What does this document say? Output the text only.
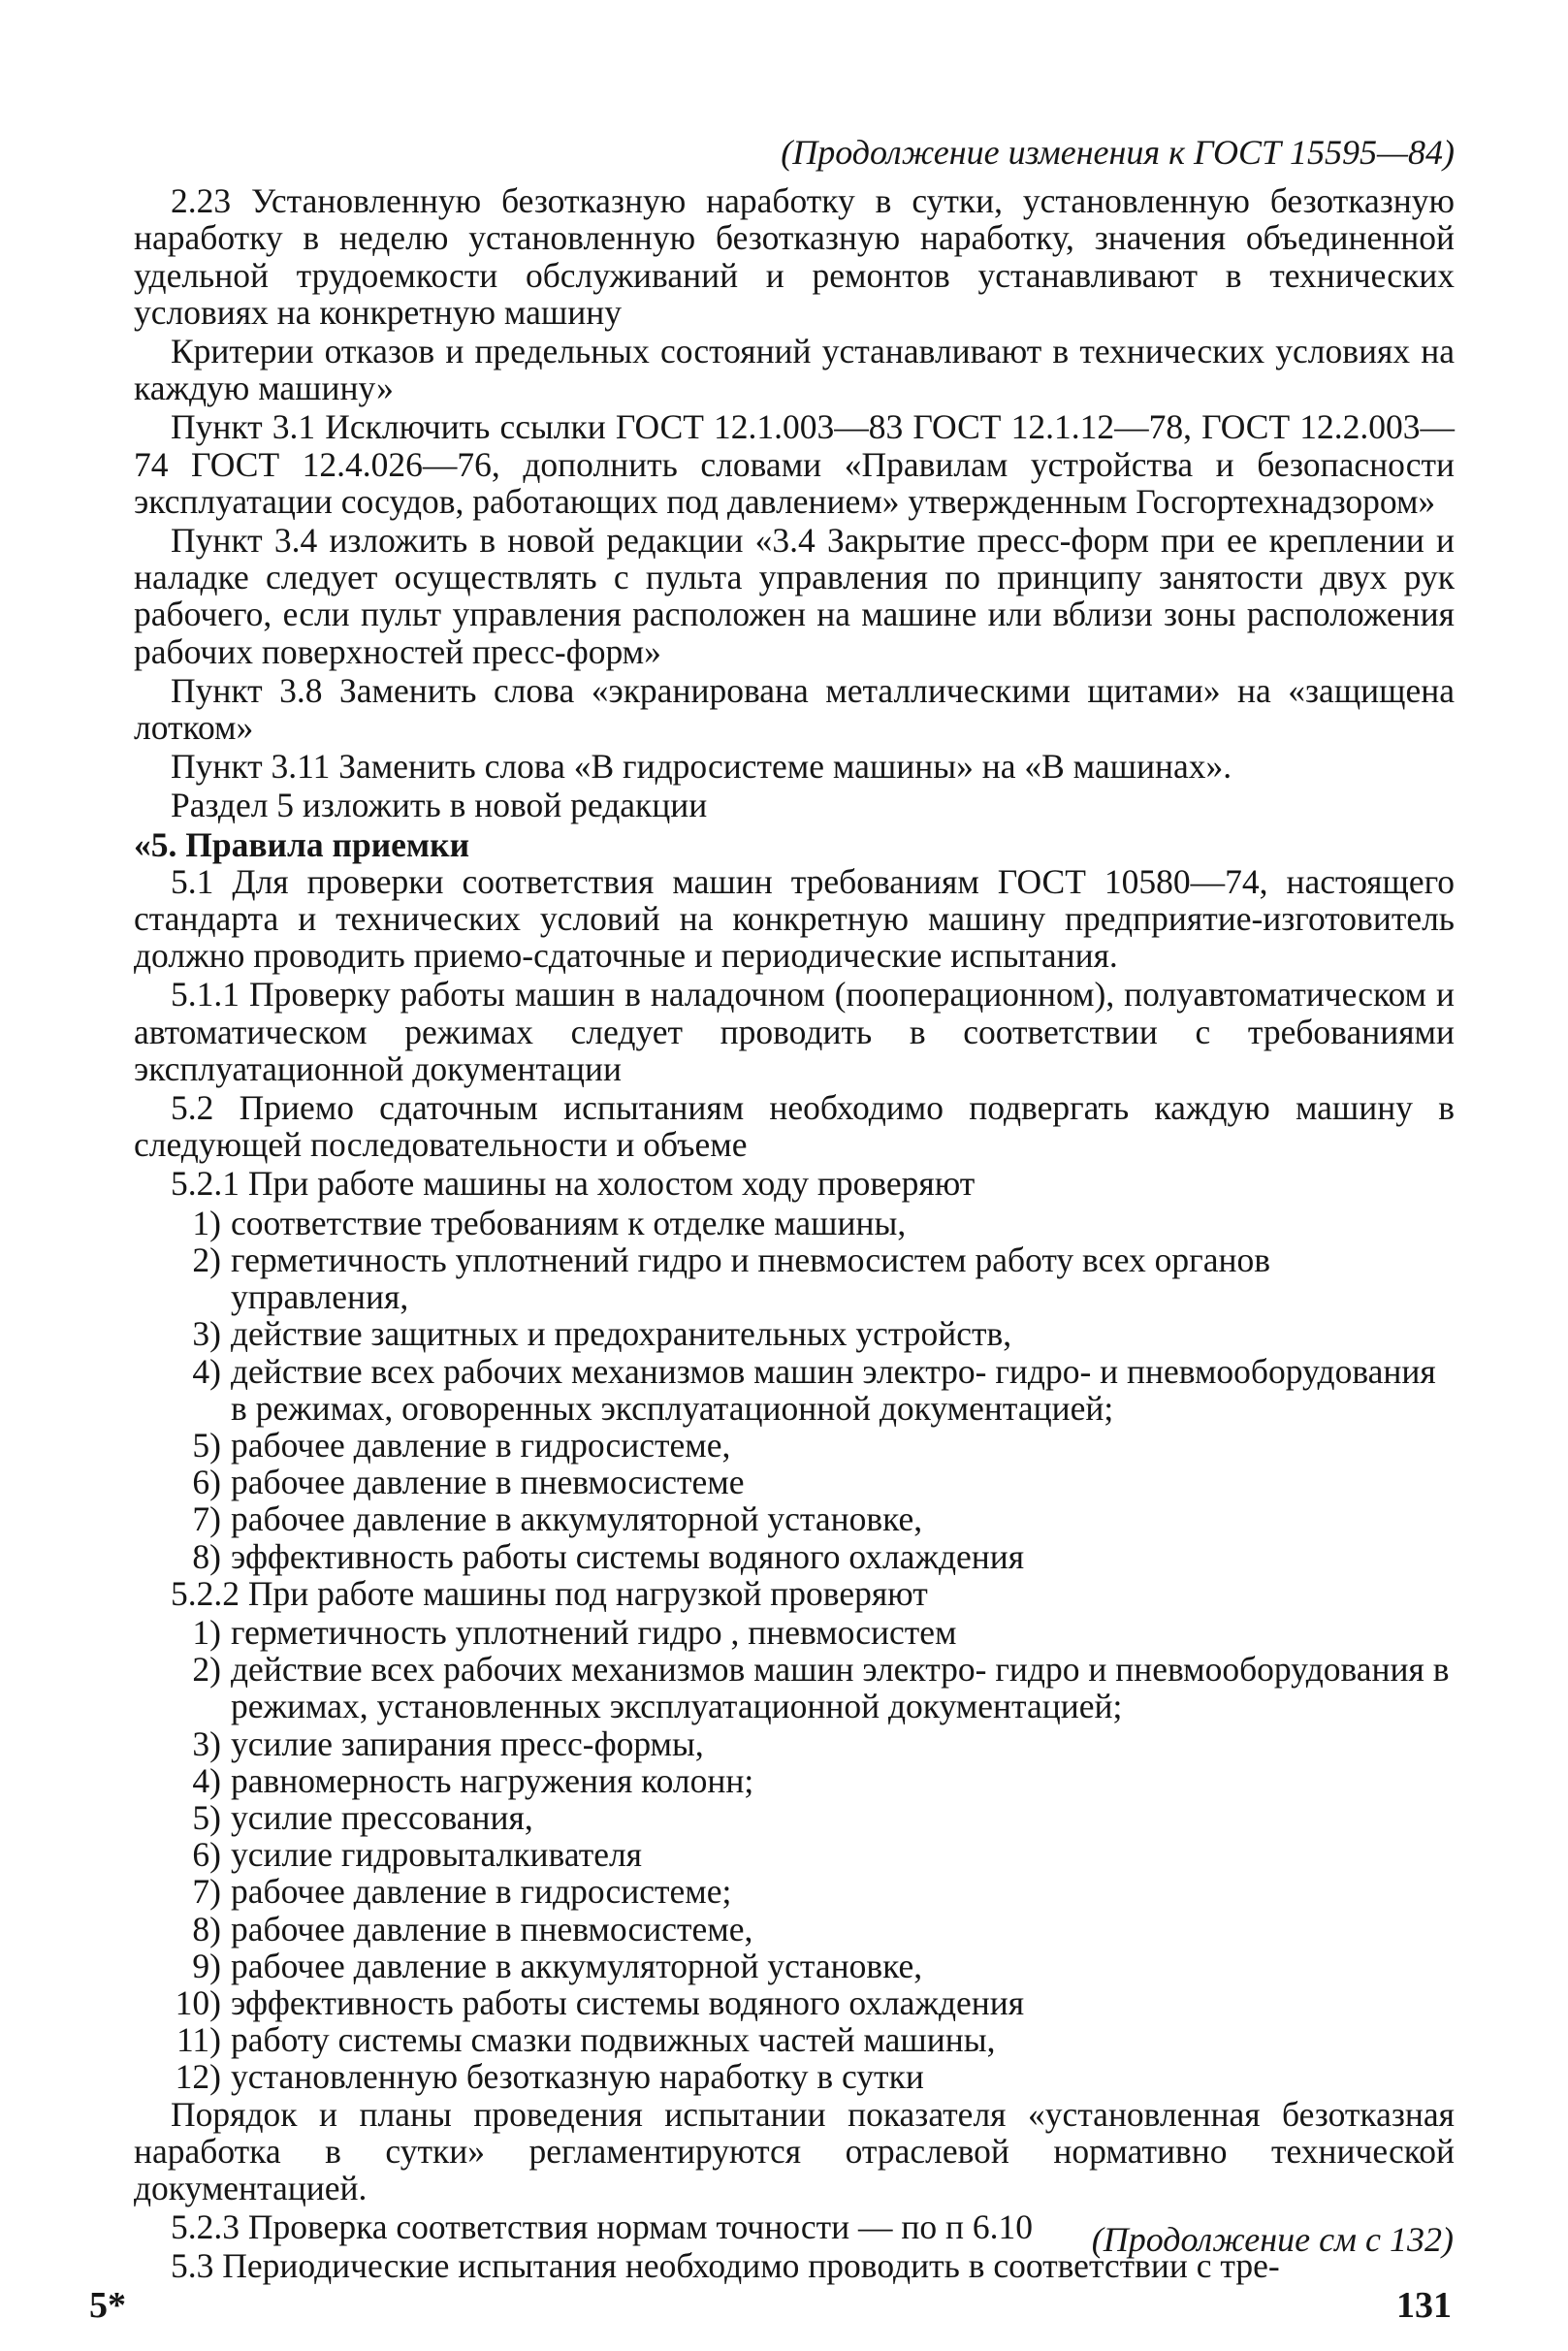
(Продолжение изменения к ГОСТ 15595—84)

2.23 Установленную безотказную наработку в сутки, установленную безотказную наработку в неделю установленную безотказную наработку, значения объединенной удельной трудоемкости обслуживаний и ремонтов устанавливают в технических условиях на конкретную машину

Критерии отказов и предельных состояний устанавливают в технических условиях на каждую машину»

Пункт 3.1 Исключить ссылки ГОСТ 12.1.003—83 ГОСТ 12.1.12—78, ГОСТ 12.2.003—74 ГОСТ 12.4.026—76, дополнить словами «Правилам устройства и безопасности эксплуатации сосудов, работающих под давлением» утвержденным Госгортехнадзором»

Пункт 3.4 изложить в новой редакции «3.4 Закрытие пресс-форм при ее креплении и наладке следует осуществлять с пульта управления по принципу занятости двух рук рабочего, если пульт управления расположен на машине или вблизи зоны расположения рабочих поверхностей пресс-форм»

Пункт 3.8 Заменить слова «экранирована металлическими щитами» на «защищена лотком»

Пункт 3.11 Заменить слова «В гидросистеме машины» на «В машинах».

Раздел 5 изложить в новой редакции

«5. Правила приемки

5.1 Для проверки соответствия машин требованиям ГОСТ 10580—74, настоящего стандарта и технических условий на конкретную машину предприятие-изготовитель должно проводить приемо-сдаточные и периодические испытания.

5.1.1 Проверку работы машин в наладочном (пооперационном), полуавтоматическом и автоматическом режимах следует проводить в соответствии с требованиями эксплуатационной документации

5.2 Приемо сдаточным испытаниям необходимо подвергать каждую машину в следующей последовательности и объеме

5.2.1 При работе машины на холостом ходу проверяют

1) соответствие требованиям к отделке машины,
2) герметичность уплотнений гидро и пневмосистем работу всех органов управления,
3) действие защитных и предохранительных устройств,
4) действие всех рабочих механизмов машин электро- гидро- и пневмооборудования в режимах, оговоренных эксплуатационной документацией;
5) рабочее давление в гидросистеме,
6) рабочее давление в пневмосистеме
7) рабочее давление в аккумуляторной установке,
8) эффективность работы системы водяного охлаждения

5.2.2 При работе машины под нагрузкой проверяют

1) герметичность уплотнений гидро , пневмосистем
2) действие всех рабочих механизмов машин электро- гидро и пневмооборудования в режимах, установленных эксплуатационной документацией;
3) усилие запирания пресс-формы,
4) равномерность нагружения колонн;
5) усилие прессования,
6) усилие гидровыталкивателя
7) рабочее давление в гидросистеме;
8) рабочее давление в пневмосистеме,
9) рабочее давление в аккумуляторной установке,
10) эффективность работы системы водяного охлаждения
11) работу системы смазки подвижных частей машины,
12) установленную безотказную наработку в сутки

Порядок и планы проведения испытании показателя «установленная безотказная наработка в сутки» регламентируются отраслевой нормативно технической документацией.

5.2.3 Проверка соответствия нормам точности — по п 6.10

5.3 Периодические испытания необходимо проводить в соответствии с тре-

(Продолжение см с 132)
5*	131
